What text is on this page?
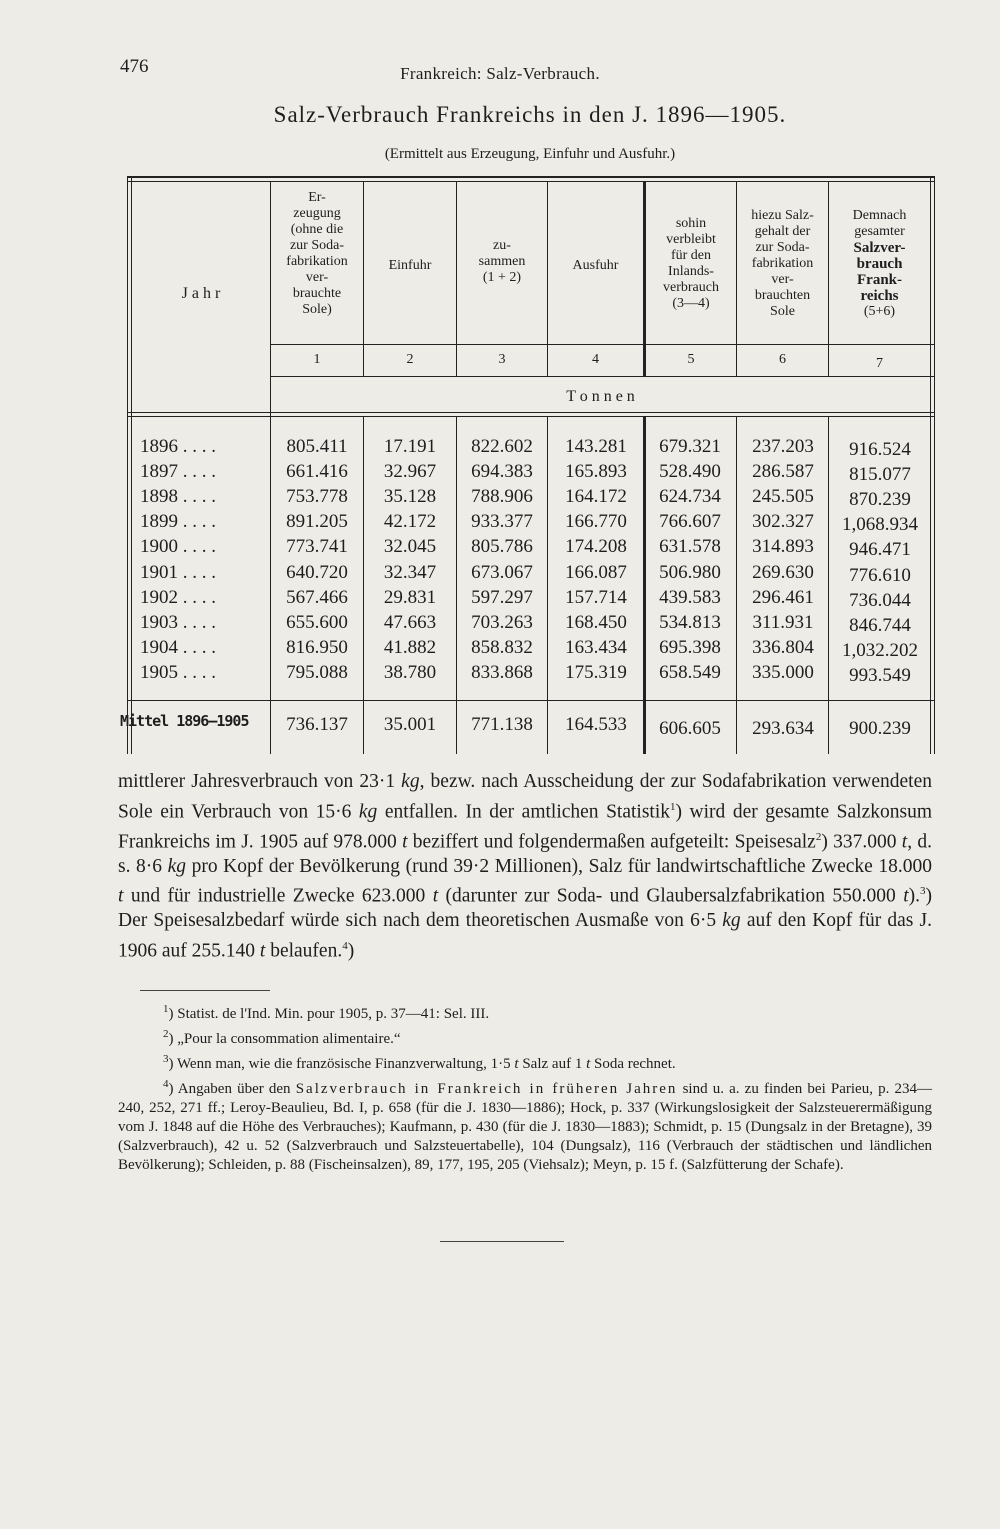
476	Frankreich: Salz-Verbrauch.
Salz-Verbrauch Frankreichs in den J. 1896—1905.
(Ermittelt aus Erzeugung, Einfuhr und Ausfuhr.)
J a h r
Er-
zeugung
(ohne die
zur Soda-
fabrikation
ver-
brauchte
Sole)
Einfuhr
zu-
sammen
(1 + 2)
Ausfuhr
sohin
verbleibt
für den
Inlands-
verbrauch
(3—4)
hiezu Salz-
gehalt der
zur Soda-
fabrikation
ver-
brauchten
Sole
Demnach
gesamter
Salzver-
brauch
Frank-
reichs
(5+6)
1	2	3	4	5	6	7
T o n n e n
1896 . . . .	805.411	17.191	822.602	143.281	679.321	237.203	916.524
1897 . . . .	661.416	32.967	694.383	165.893	528.490	286.587	815.077
1898 . . . .	753.778	35.128	788.906	164.172	624.734	245.505	870.239
1899 . . . .	891.205	42.172	933.377	166.770	766.607	302.327	1,068.934
1900 . . . .	773.741	32.045	805.786	174.208	631.578	314.893	946.471
1901 . . . .	640.720	32.347	673.067	166.087	506.980	269.630	776.610
1902 . . . .	567.466	29.831	597.297	157.714	439.583	296.461	736.044
1903 . . . .	655.600	47.663	703.263	168.450	534.813	311.931	846.744
1904 . . . .	816.950	41.882	858.832	163.434	695.398	336.804	1,032.202
1905 . . . .	795.088	38.780	833.868	175.319	658.549	335.000	993.549
Mittel 1896—1905	736.137	35.001	771.138	164.533	606.605	293.634	900.239

mittlerer Jahresverbrauch von 23·1 kg, bezw. nach Ausscheidung der zur Sodafabrikation verwendeten Sole ein Verbrauch von 15·6 kg entfallen. In der amtlichen Statistik$^1$) wird der gesamte Salzkonsum Frankreichs im J. 1905 auf 978.000 t beziffert und folgendermaßen aufgeteilt: Speisesalz$^2$) 337.000 t, d. s. 8·6 kg pro Kopf der Bevölkerung (rund 39·2 Millionen), Salz für landwirtschaftliche Zwecke 18.000 t und für industrielle Zwecke 623.000 t (darunter zur Soda- und Glaubersalzfabrikation 550.000 t).$^3$) Der Speisesalzbedarf würde sich nach dem theoretischen Ausmaße von 6·5 kg auf den Kopf für das J. 1906 auf 255.140 t belaufen.$^4$)

$^1$) Statist. de l'Ind. Min. pour 1905, p. 37—41: Sel. III.

$^2$) „Pour la consommation alimentaire.“

$^3$) Wenn man, wie die französische Finanzverwaltung, 1·5 t Salz auf 1 t Soda rechnet.

$^4$) Angaben über den Salzverbrauch in Frankreich in früheren Jahren sind u. a. zu finden bei Parieu, p. 234—240, 252, 271 ff.; Leroy-Beaulieu, Bd. I, p. 658 (für die J. 1830—1886); Hock, p. 337 (Wirkungslosigkeit der Salzsteuerermäßigung vom J. 1848 auf die Höhe des Verbrauches); Kaufmann, p. 430 (für die J. 1830—1883); Schmidt, p. 15 (Dungsalz in der Bretagne), 39 (Salzverbrauch), 42 u. 52 (Salzverbrauch und Salzsteuertabelle), 104 (Dungsalz), 116 (Verbrauch der städtischen und ländlichen Bevölkerung); Schleiden, p. 88 (Fischeinsalzen), 89, 177, 195, 205 (Viehsalz); Meyn, p. 15 f. (Salzfütterung der Schafe).
